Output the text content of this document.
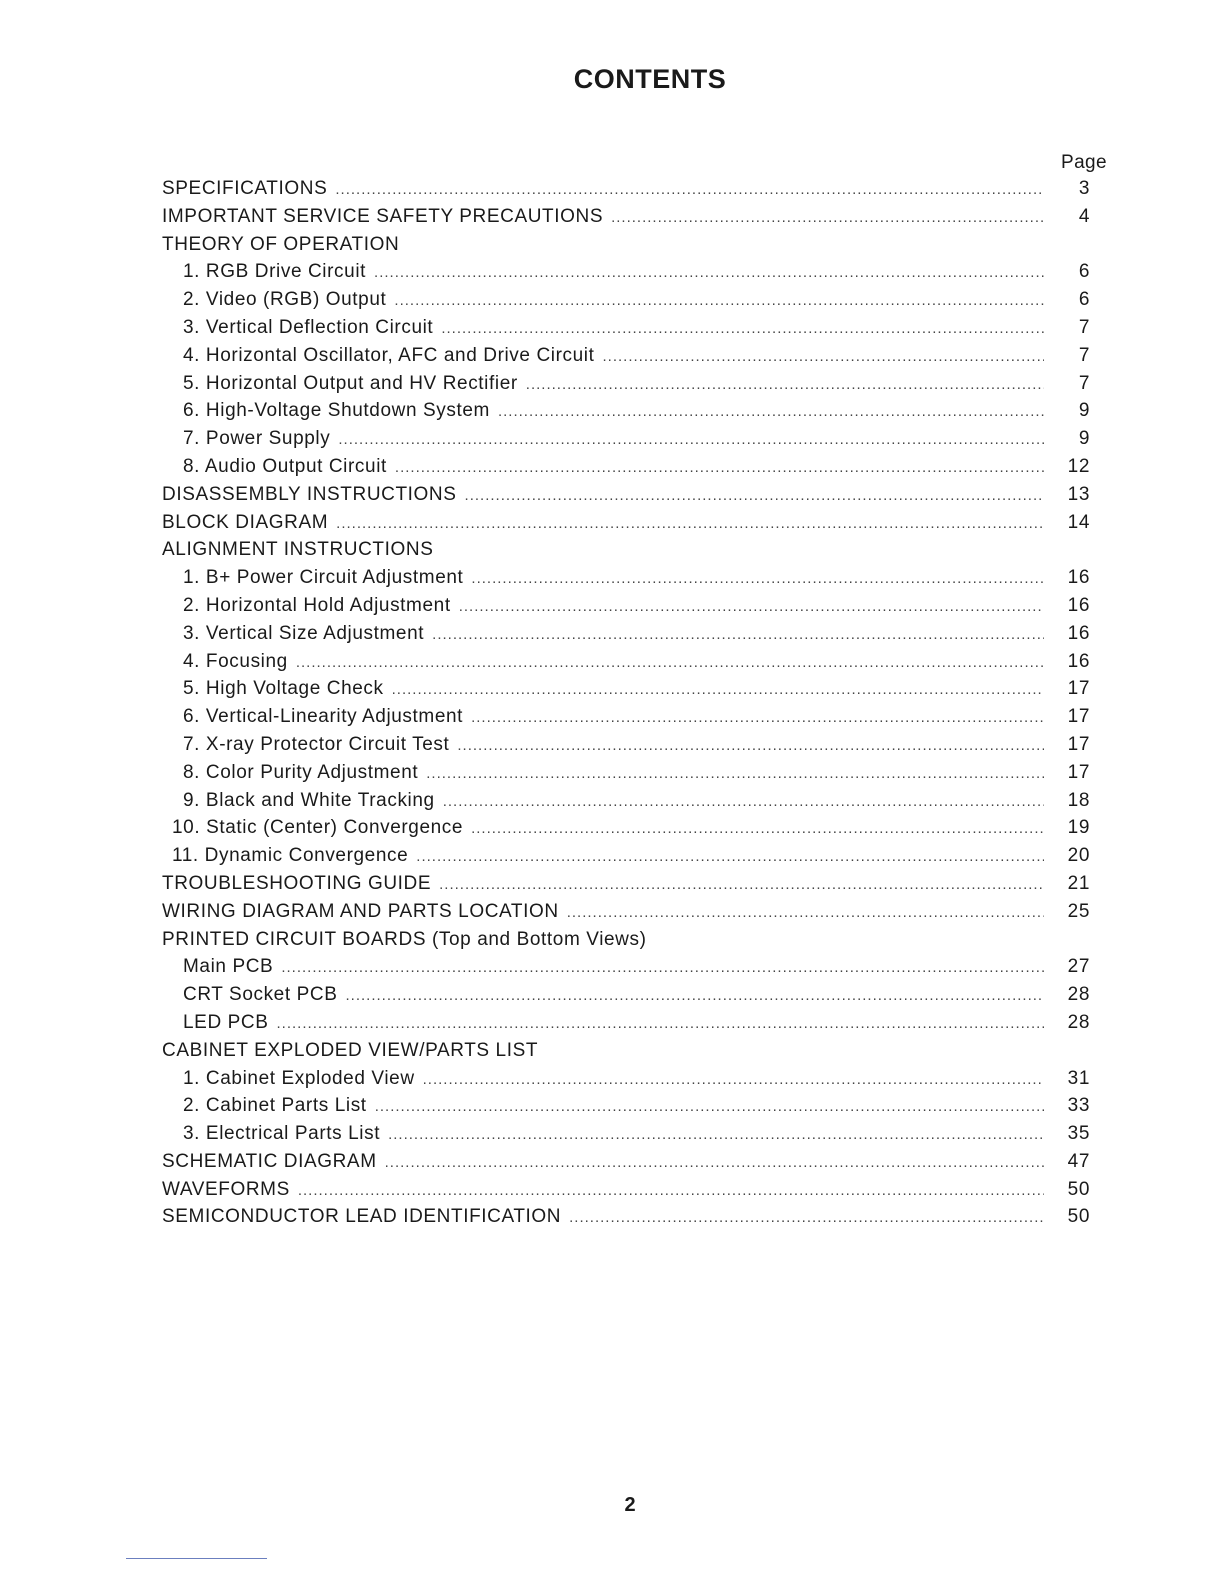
CONTENTS
Page
SPECIFICATIONS .....	3
IMPORTANT SERVICE SAFETY PRECAUTIONS .....	4
THEORY OF OPERATION
1. RGB Drive Circuit .....	6
2. Video (RGB) Output .....	6
3. Vertical Deflection Circuit .....	7
4. Horizontal Oscillator, AFC and Drive Circuit .....	7
5. Horizontal Output and HV Rectifier .....	7
6. High-Voltage Shutdown System .....	9
7. Power Supply .....	9
8. Audio Output Circuit .....	12
DISASSEMBLY INSTRUCTIONS .....	13
BLOCK DIAGRAM .....	14
ALIGNMENT INSTRUCTIONS
1. B+ Power Circuit Adjustment .....	16
2. Horizontal Hold Adjustment .....	16
3. Vertical Size Adjustment .....	16
4. Focusing .....	16
5. High Voltage Check .....	17
6. Vertical-Linearity Adjustment .....	17
7. X-ray Protector Circuit Test .....	17
8. Color Purity Adjustment .....	17
9. Black and White Tracking .....	18
10. Static (Center) Convergence .....	19
11. Dynamic Convergence .....	20
TROUBLESHOOTING GUIDE .....	21
WIRING DIAGRAM AND PARTS LOCATION .....	25
PRINTED CIRCUIT BOARDS (Top and Bottom Views)
Main PCB .....	27
CRT Socket PCB .....	28
LED PCB .....	28
CABINET EXPLODED VIEW/PARTS LIST
1. Cabinet Exploded View .....	31
2. Cabinet Parts List .....	33
3. Electrical Parts List .....	35
SCHEMATIC DIAGRAM .....	47
WAVEFORMS .....	50
SEMICONDUCTOR LEAD IDENTIFICATION .....	50
2
